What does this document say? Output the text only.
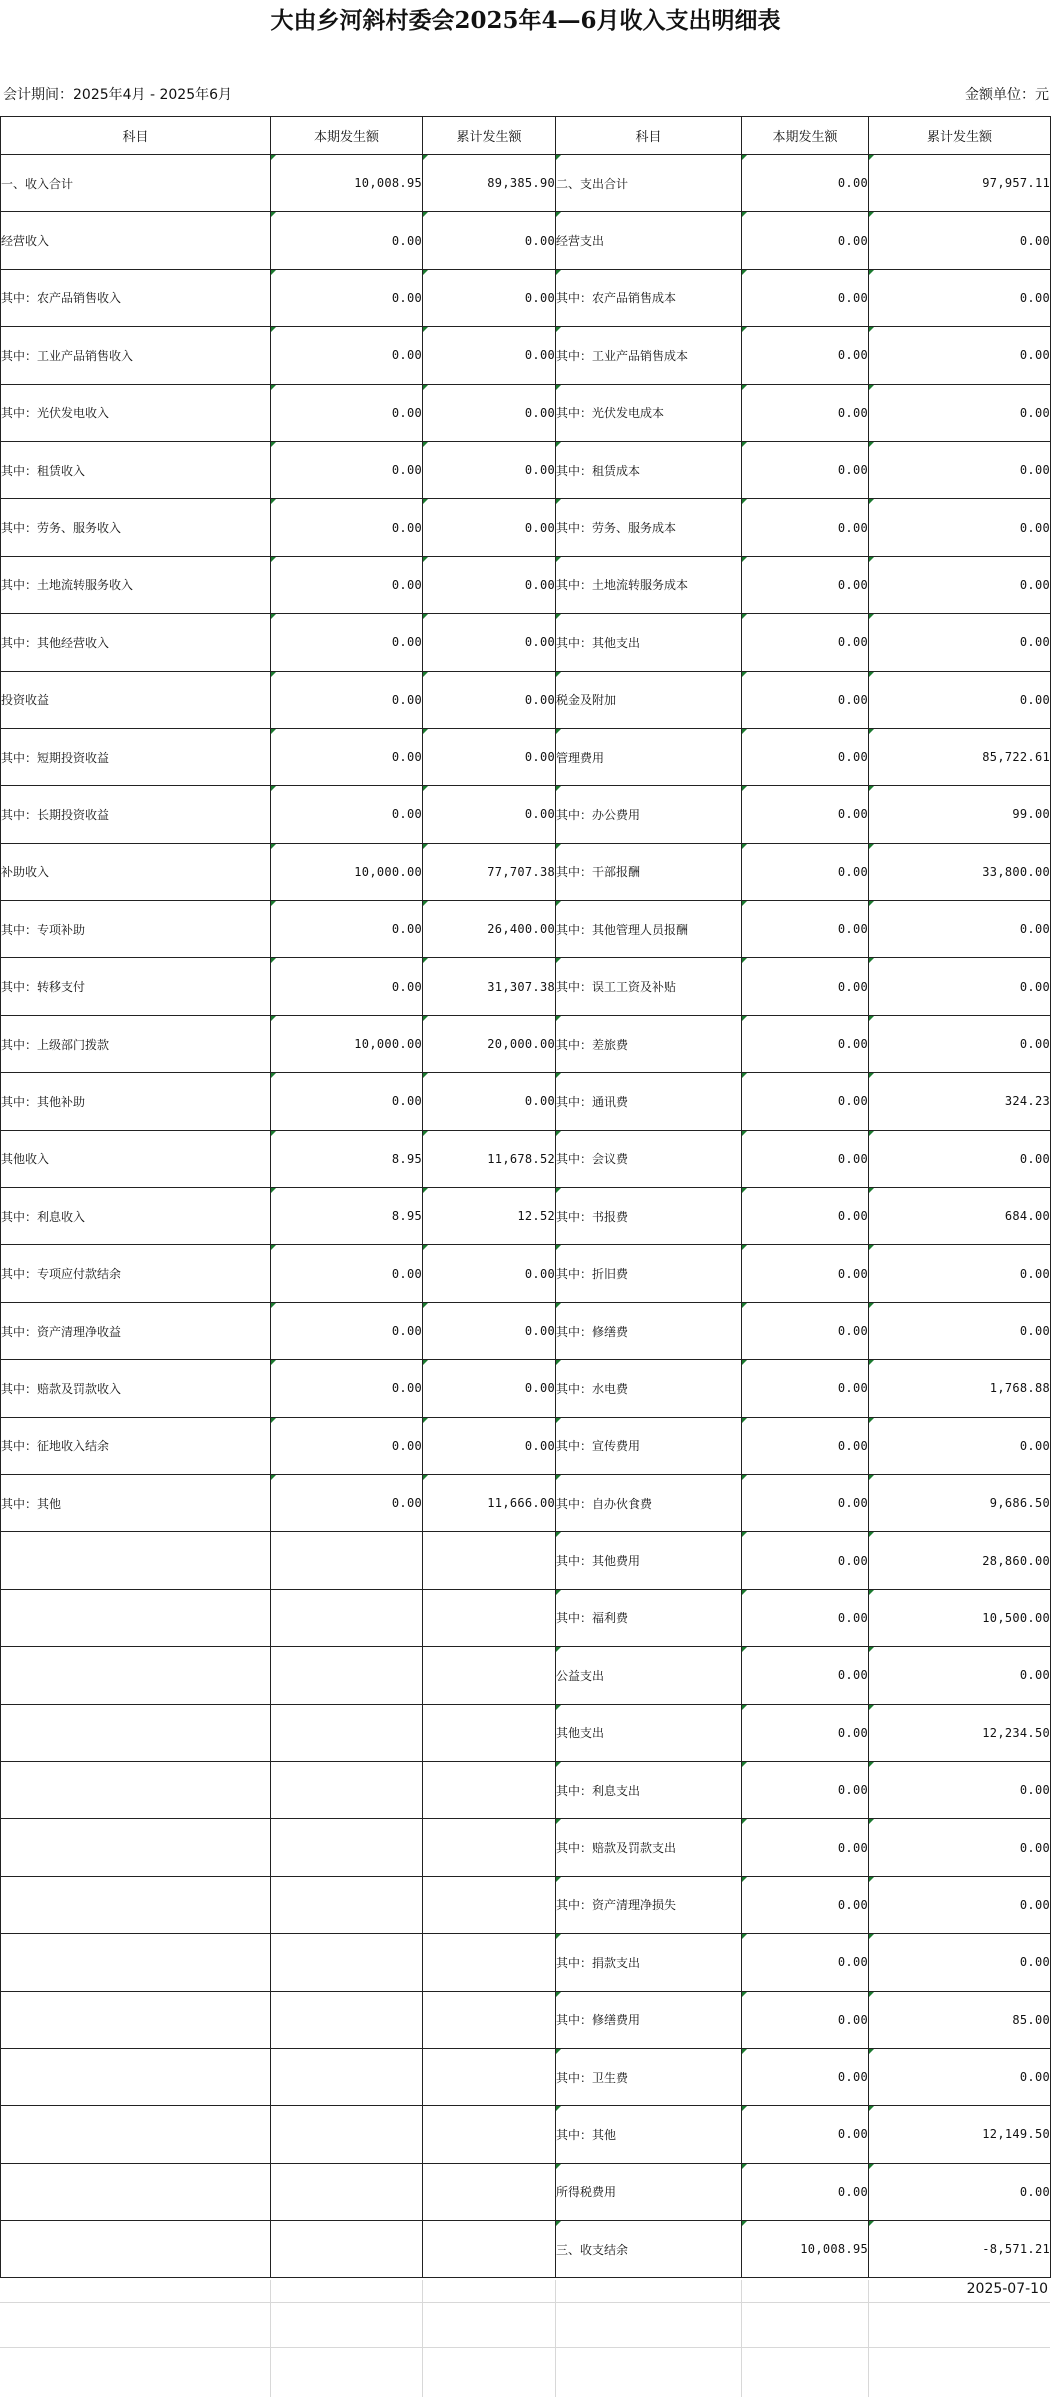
大由乡河斜村委会2025年4—6月收入支出明细表
会计期间：2025年4月 - 2025年6月	金额单位：元
科目	本期发生额	累计发生额	科目	本期发生额	累计发生额
一、收入合计	10,008.95	89,385.90	二、支出合计	0.00	97,957.11
经营收入	0.00	0.00	经营支出	0.00	0.00
其中：农产品销售收入	0.00	0.00	其中：农产品销售成本	0.00	0.00
其中：工业产品销售收入	0.00	0.00	其中：工业产品销售成本	0.00	0.00
其中：光伏发电收入	0.00	0.00	其中：光伏发电成本	0.00	0.00
其中：租赁收入	0.00	0.00	其中：租赁成本	0.00	0.00
其中：劳务、服务收入	0.00	0.00	其中：劳务、服务成本	0.00	0.00
其中：土地流转服务收入	0.00	0.00	其中：土地流转服务成本	0.00	0.00
其中：其他经营收入	0.00	0.00	其中：其他支出	0.00	0.00
投资收益	0.00	0.00	税金及附加	0.00	0.00
其中：短期投资收益	0.00	0.00	管理费用	0.00	85,722.61
其中：长期投资收益	0.00	0.00	其中：办公费用	0.00	99.00
补助收入	10,000.00	77,707.38	其中：干部报酬	0.00	33,800.00
其中：专项补助	0.00	26,400.00	其中：其他管理人员报酬	0.00	0.00
其中：转移支付	0.00	31,307.38	其中：误工工资及补贴	0.00	0.00
其中：上级部门拨款	10,000.00	20,000.00	其中：差旅费	0.00	0.00
其中：其他补助	0.00	0.00	其中：通讯费	0.00	324.23
其他收入	8.95	11,678.52	其中：会议费	0.00	0.00
其中：利息收入	8.95	12.52	其中：书报费	0.00	684.00
其中：专项应付款结余	0.00	0.00	其中：折旧费	0.00	0.00
其中：资产清理净收益	0.00	0.00	其中：修缮费	0.00	0.00
其中：赔款及罚款收入	0.00	0.00	其中：水电费	0.00	1,768.88
其中：征地收入结余	0.00	0.00	其中：宣传费用	0.00	0.00
其中：其他	0.00	11,666.00	其中：自办伙食费	0.00	9,686.50
			其中：其他费用	0.00	28,860.00
			其中：福利费	0.00	10,500.00
			公益支出	0.00	0.00
			其他支出	0.00	12,234.50
			其中：利息支出	0.00	0.00
			其中：赔款及罚款支出	0.00	0.00
			其中：资产清理净损失	0.00	0.00
			其中：捐款支出	0.00	0.00
			其中：修缮费用	0.00	85.00
			其中：卫生费	0.00	0.00
			其中：其他	0.00	12,149.50
			所得税费用	0.00	0.00
			三、收支结余	10,008.95	-8,571.21
2025-07-10
